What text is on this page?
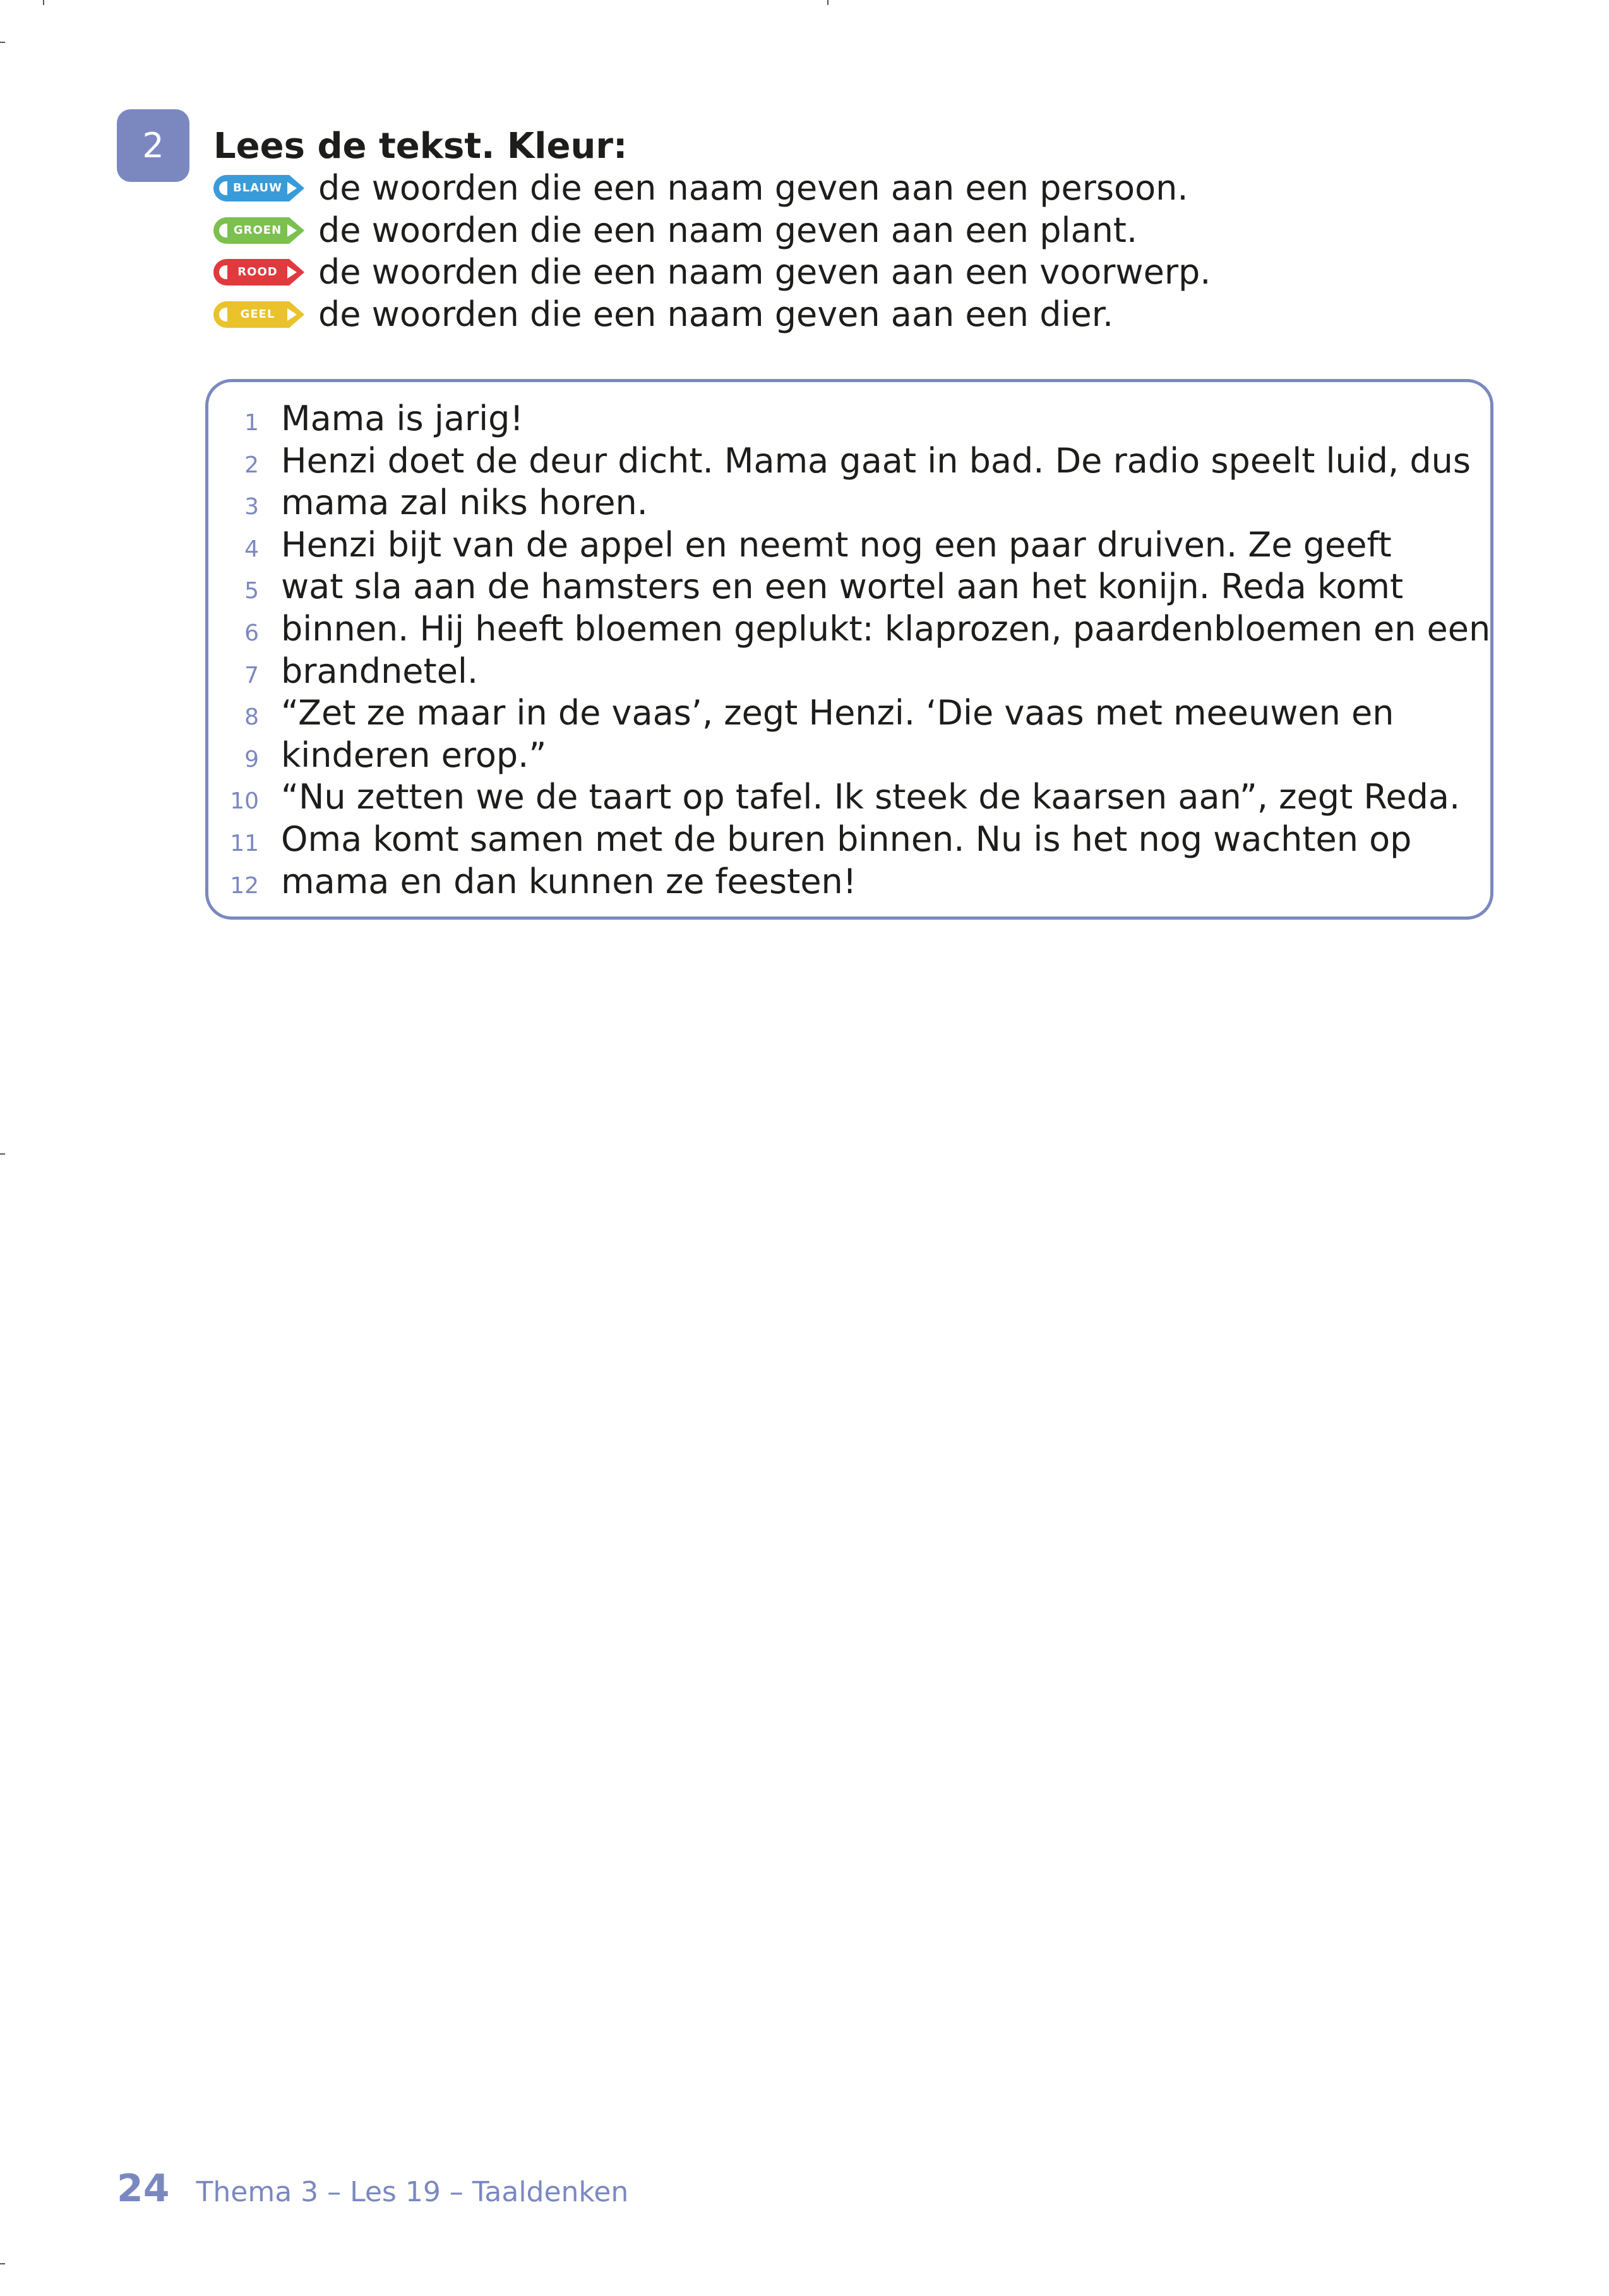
2	Lees de tekst. Kleur:
BLAUW de woorden die een naam geven aan een persoon.
GROEN de woorden die een naam geven aan een plant.
ROOD de woorden die een naam geven aan een voorwerp.
GEEL de woorden die een naam geven aan een dier.
1 Mama is jarig!
2 Henzi doet de deur dicht. Mama gaat in bad. De radio speelt luid, dus
3 mama zal niks horen.
4 Henzi bijt van de appel en neemt nog een paar druiven. Ze geeft
5 wat sla aan de hamsters en een wortel aan het konijn. Reda komt
6 binnen. Hij heeft bloemen geplukt: klaprozen, paardenbloemen en een
7 brandnetel.
8 “Zet ze maar in de vaas’, zegt Henzi. ‘Die vaas met meeuwen en
9 kinderen erop.”
10 “Nu zetten we de taart op tafel. Ik steek de kaarsen aan”, zegt Reda.
11 Oma komt samen met de buren binnen. Nu is het nog wachten op
12 mama en dan kunnen ze feesten!
24 Thema 3 – Les 19 – Taaldenken
